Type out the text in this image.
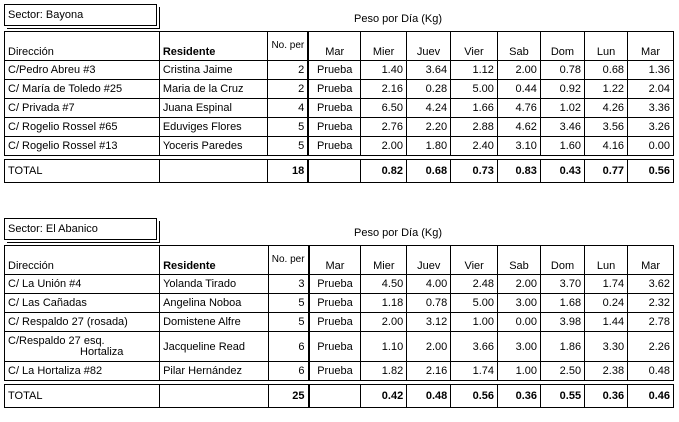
Sector: Bayona	Peso por Día (Kg)
Dirección	Residente	No. per	Mar	Mier	Juev	Vier	Sab	Dom	Lun	Mar
C/Pedro Abreu #3	Cristina Jaime	2	Prueba	1.40	3.64	1.12	2.00	0.78	0.68	1.36
C/ María de Toledo #25	Maria de la Cruz	2	Prueba	2.16	0.28	5.00	0.44	0.92	1.22	2.04
C/ Privada #7	Juana Espinal	4	Prueba	6.50	4.24	1.66	4.76	1.02	4.26	3.36
C/ Rogelio Rossel #65	Eduviges Flores	5	Prueba	2.76	2.20	2.88	4.62	3.46	3.56	3.26
C/ Rogelio Rossel #13	Yoceris Paredes	5	Prueba	2.00	1.80	2.40	3.10	1.60	4.16	0.00

TOTAL		18		0.82	0.68	0.73	0.83	0.43	0.77	0.56
Sector: El Abanico	Peso por Día (Kg)
Dirección	Residente	No. per	Mar	Mier	Juev	Vier	Sab	Dom	Lun	Mar
C/ La Unión #4	Yolanda Tirado	3	Prueba	4.50	4.00	2.48	2.00	3.70	1.74	3.62
C/ Las Cañadas	Angelina Noboa	5	Prueba	1.18	0.78	5.00	3.00	1.68	0.24	2.32
C/ Respaldo 27 (rosada)	Domistene Alfre	5	Prueba	2.00	3.12	1.00	0.00	3.98	1.44	2.78
C/Respaldo 27 esq.
Hortaliza	Jacqueline Read	6	Prueba	1.10	2.00	3.66	3.00	1.86	3.30	2.26
C/ La Hortaliza #82	Pilar Hernández	6	Prueba	1.82	2.16	1.74	1.00	2.50	2.38	0.48

TOTAL		25		0.42	0.48	0.56	0.36	0.55	0.36	0.46
